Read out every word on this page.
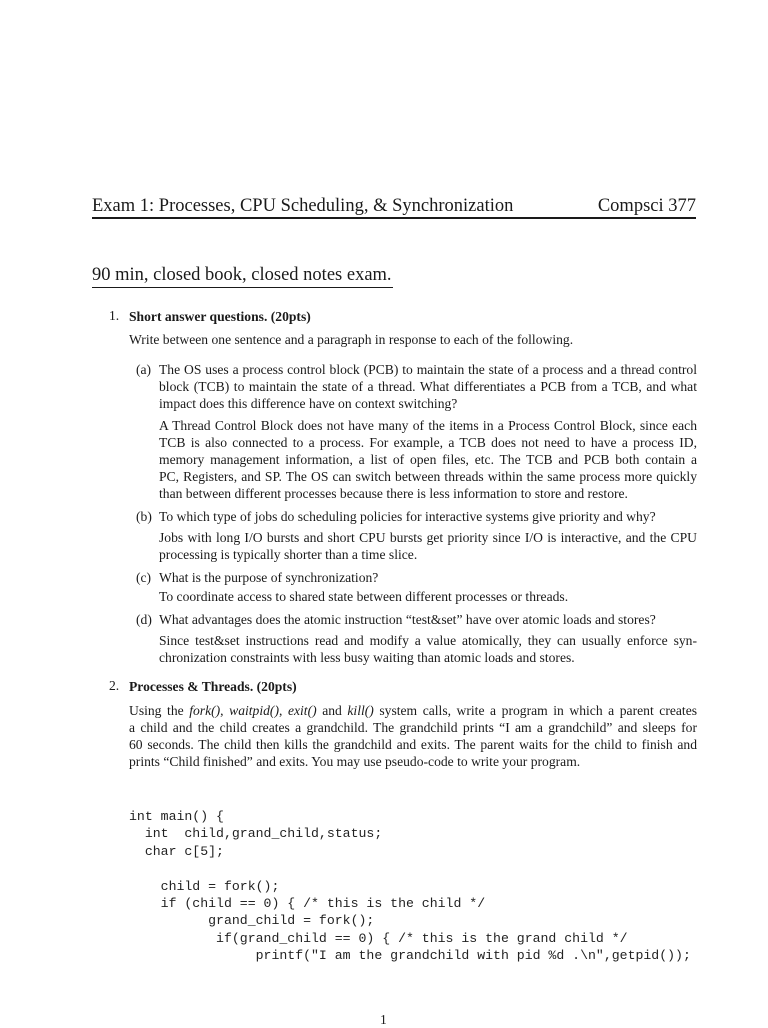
Exam 1: Processes, CPU Scheduling, & Synchronization	Compsci 377
90 min, closed book, closed notes exam.
1. Short answer questions. (20pts)
Write between one sentence and a paragraph in response to each of the following.
(a) The OS uses a process control block (PCB) to maintain the state of a process and a thread control
block (TCB) to maintain the state of a thread. What differentiates a PCB from a TCB, and what
impact does this difference have on context switching?
A Thread Control Block does not have many of the items in a Process Control Block, since each
TCB is also connected to a process. For example, a TCB does not need to have a process ID,
memory management information, a list of open files, etc. The TCB and PCB both contain a
PC, Registers, and SP. The OS can switch between threads within the same process more quickly
than between different processes because there is less information to store and restore.
(b) To which type of jobs do scheduling policies for interactive systems give priority and why?
Jobs with long I/O bursts and short CPU bursts get priority since I/O is interactive, and the CPU
processing is typically shorter than a time slice.
(c) What is the purpose of synchronization?
To coordinate access to shared state between different processes or threads.
(d) What advantages does the atomic instruction “test&set” have over atomic loads and stores?
Since test&set instructions read and modify a value atomically, they can usually enforce syn-
chronization constraints with less busy waiting than atomic loads and stores.
2. Processes & Threads. (20pts)
Using the fork(), waitpid(), exit() and kill() system calls, write a program in which a parent creates
a child and the child creates a grandchild. The grandchild prints “I am a grandchild” and sleeps for
60 seconds. The child then kills the grandchild and exits. The parent waits for the child to finish and
prints “Child finished” and exits. You may use pseudo-code to write your program.
int main() {
int  child,grand_child,status;
char c[5];

child = fork();
if (child == 0) { /* this is the child */
grand_child = fork();
if(grand_child == 0) { /* this is the grand child */
printf("I am the grandchild with pid %d .\n",getpid());
1
